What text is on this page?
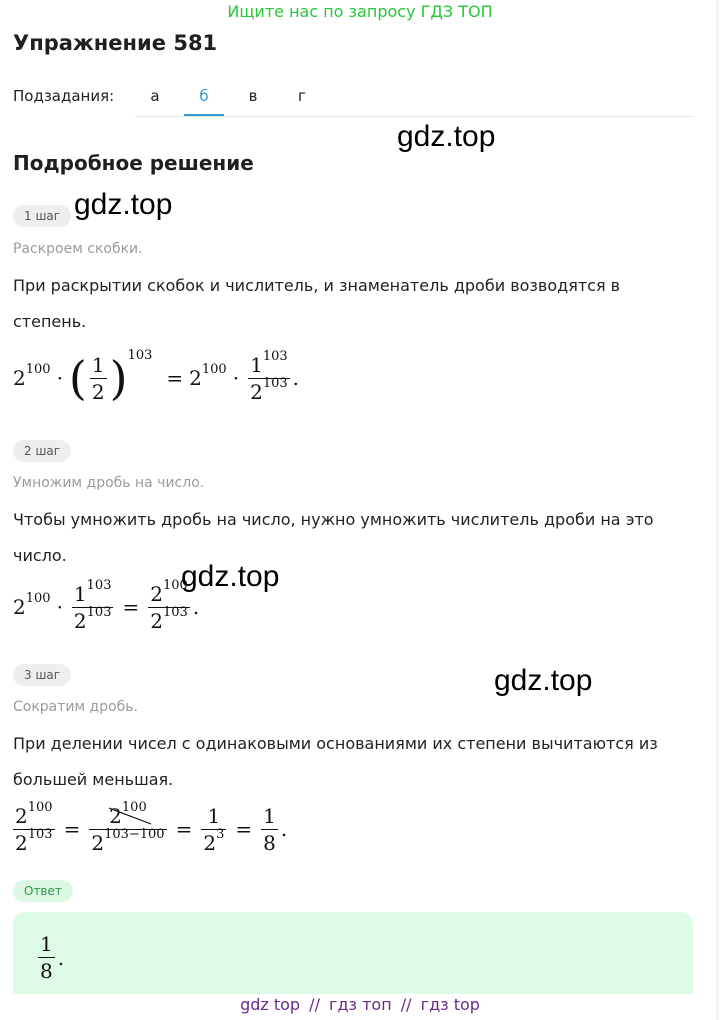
Ищите нас по запросу ГДЗ ТОП
Упражнение 581
Подзадания:	а	б	в	г
gdz.top
Подробное решение
1 шаг gdz.top
Раскроем скобки.
При раскрытии скобок и числитель, и знаменатель дроби возводятся в степень.
$2^{100}$ · ( $\frac{1}{2} )^{103}$
= $2^{100} \cdot \frac{1^{103}}{2^{103}}$ .
2 шаг
Умножим дробь на число.
Чтобы умножить дробь на число, нужно умножить числитель дроби на это число.
gdz.top
$2^{100} \cdot \frac{1^{103}}{2^{103}} = \frac{2^{100}}{2^{103}}$ .
3 шаг	gdz.top
Сократим дробь.
При делении чисел с одинаковыми основаниями их степени вычитаются из большей меньшая.
$\frac{2^{100}}{2^{103}} = \frac{2^{100}}{2^{103-100}} = \frac{1}{2^3} = \frac{1}{8}$ .
Ответ
$\frac{1}{8}$ .
gdz top // гдз топ // гдз top
